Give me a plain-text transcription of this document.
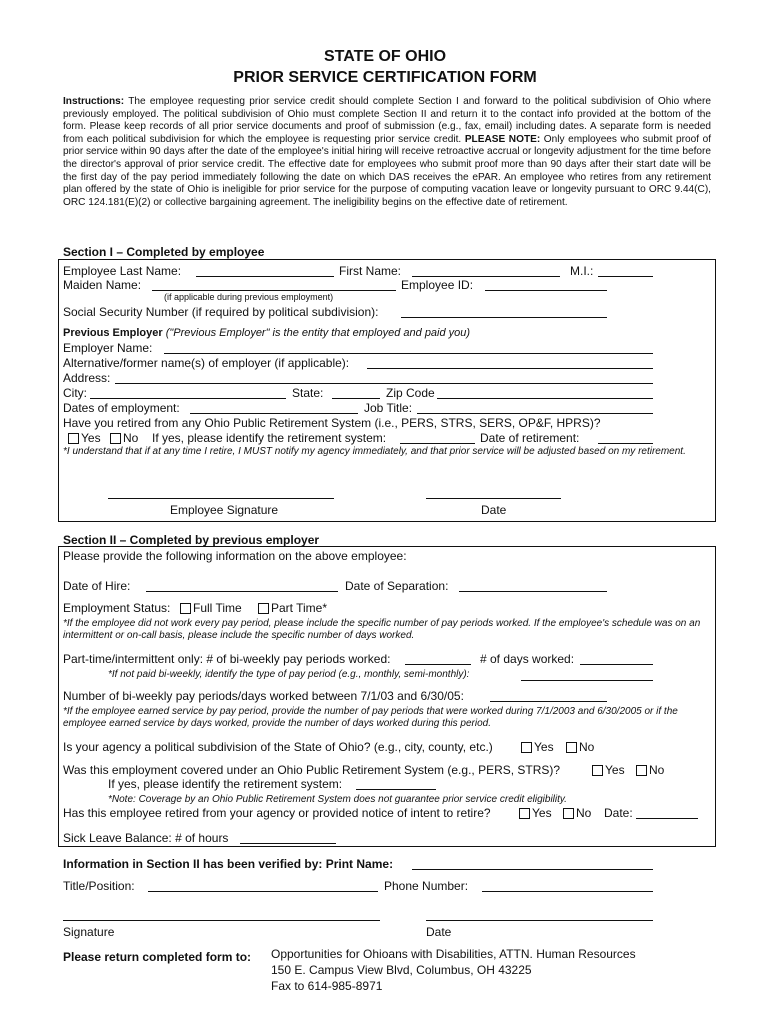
STATE OF OHIO
PRIOR SERVICE CERTIFICATION FORM
Instructions: The employee requesting prior service credit should complete Section I and forward to the political subdivision of Ohio where previously employed. The political subdivision of Ohio must complete Section II and return it to the contact info provided at the bottom of the form. Please keep records of all prior service documents and proof of submission (e.g., fax, email) including dates. A separate form is needed from each political subdivision for which the employee is requesting prior service credit. PLEASE NOTE: Only employees who submit proof of prior service within 90 days after the date of the employee's initial hiring will receive retroactive accrual or longevity adjustment for the time before the director's approval of prior service credit. The effective date for employees who submit proof more than 90 days after their start date will be the first day of the pay period immediately following the date on which DAS receives the ePAR. An employee who retires from any retirement plan offered by the state of Ohio is ineligible for prior service for the purpose of computing vacation leave or longevity pursuant to ORC 9.44(C), ORC 124.181(E)(2) or collective bargaining agreement. The ineligibility begins on the effective date of retirement.
Section I – Completed by employee
Employee Last Name:	First Name:	M.I.:
Maiden Name:	Employee ID:
(if applicable during previous employment)
Social Security Number (if required by political subdivision):
Previous Employer ("Previous Employer" is the entity that employed and paid you)
Employer Name:
Alternative/former name(s) of employer (if applicable):
Address:
City:	State:	Zip Code
Dates of employment:	Job Title:
Have you retired from any Ohio Public Retirement System (i.e., PERS, STRS, SERS, OP&F, HPRS)?
Yes	No If yes, please identify the retirement system:	Date of retirement:
*I understand that if at any time I retire, I MUST notify my agency immediately, and that prior service will be adjusted based on my retirement.
Employee Signature	Date
Section II – Completed by previous employer
Please provide the following information on the above employee:
Date of Hire:	Date of Separation:
Employment Status:	Full Time	Part Time*
*If the employee did not work every pay period, please include the specific number of pay periods worked. If the employee's schedule was on an intermittent or on-call basis, please include the specific number of days worked.
Part-time/intermittent only: # of bi-weekly pay periods worked:	# of days worked:
*If not paid bi-weekly, identify the type of pay period (e.g., monthly, semi-monthly):
Number of bi-weekly pay periods/days worked between 7/1/03 and 6/30/05:
*If the employee earned service by pay period, provide the number of pay periods that were worked during 7/1/2003 and 6/30/2005 or if the employee earned service by days worked, provide the number of days worked during this period.
Is your agency a political subdivision of the State of Ohio? (e.g., city, county, etc.)	Yes	No
Was this employment covered under an Ohio Public Retirement System (e.g., PERS, STRS)?	Yes	No
If yes, please identify the retirement system:
*Note: Coverage by an Ohio Public Retirement System does not guarantee prior service credit eligibility.
Has this employee retired from your agency or provided notice of intent to retire?	Yes	No Date:
Sick Leave Balance: # of hours
Information in Section II has been verified by: Print Name:
Title/Position:	Phone Number:
Signature	Date
Please return completed form to: Opportunities for Ohioans with Disabilities, ATTN. Human Resources
150 E. Campus View Blvd, Columbus, OH 43225
Fax to 614-985-8971
